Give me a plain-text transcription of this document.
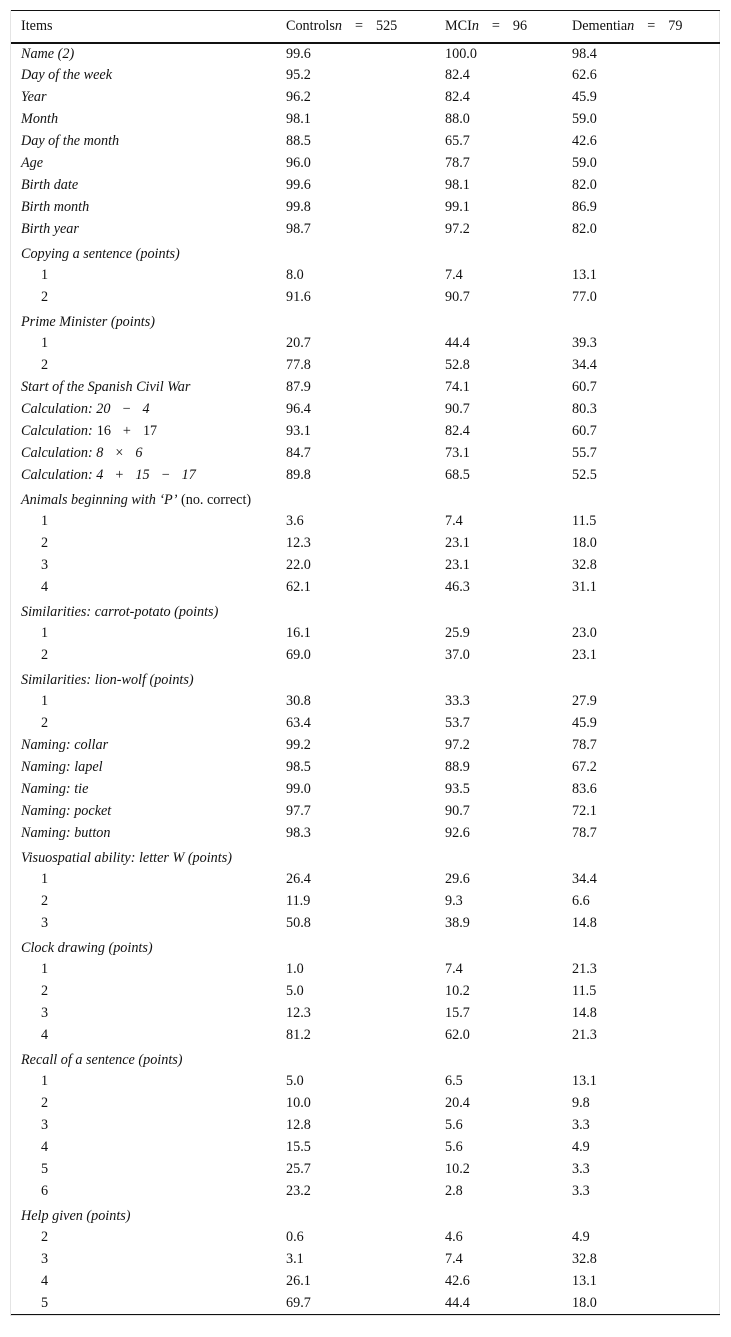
Items	Controlsn = 525	MCIn = 96	Dementian = 79
Name (2)	99.6	100.0	98.4
Day of the week	95.2	82.4	62.6
Year	96.2	82.4	45.9
Month	98.1	88.0	59.0
Day of the month	88.5	65.7	42.6
Age	96.0	78.7	59.0
Birth date	99.6	98.1	82.0
Birth month	99.8	99.1	86.9
Birth year	98.7	97.2	82.0
Copying a sentence (points)			
1	8.0	7.4	13.1
2	91.6	90.7	77.0
Prime Minister (points)			
1	20.7	44.4	39.3
2	77.8	52.8	34.4
Start of the Spanish Civil War	87.9	74.1	60.7
Calculation: 20 − 4	96.4	90.7	80.3
Calculation: 16 + 17	93.1	82.4	60.7
Calculation: 8 × 6	84.7	73.1	55.7
Calculation: 4 + 15 − 17	89.8	68.5	52.5
Animals beginning with ‘P’ (no. correct)			
1	3.6	7.4	11.5
2	12.3	23.1	18.0
3	22.0	23.1	32.8
4	62.1	46.3	31.1
Similarities: carrot-potato (points)			
1	16.1	25.9	23.0
2	69.0	37.0	23.1
Similarities: lion-wolf (points)			
1	30.8	33.3	27.9
2	63.4	53.7	45.9
Naming: collar	99.2	97.2	78.7
Naming: lapel	98.5	88.9	67.2
Naming: tie	99.0	93.5	83.6
Naming: pocket	97.7	90.7	72.1
Naming: button	98.3	92.6	78.7
Visuospatial ability: letter W (points)			
1	26.4	29.6	34.4
2	11.9	9.3	6.6
3	50.8	38.9	14.8
Clock drawing (points)			
1	1.0	7.4	21.3
2	5.0	10.2	11.5
3	12.3	15.7	14.8
4	81.2	62.0	21.3
Recall of a sentence (points)			
1	5.0	6.5	13.1
2	10.0	20.4	9.8
3	12.8	5.6	3.3
4	15.5	5.6	4.9
5	25.7	10.2	3.3
6	23.2	2.8	3.3
Help given (points)			
2	0.6	4.6	4.9
3	3.1	7.4	32.8
4	26.1	42.6	13.1
5	69.7	44.4	18.0
